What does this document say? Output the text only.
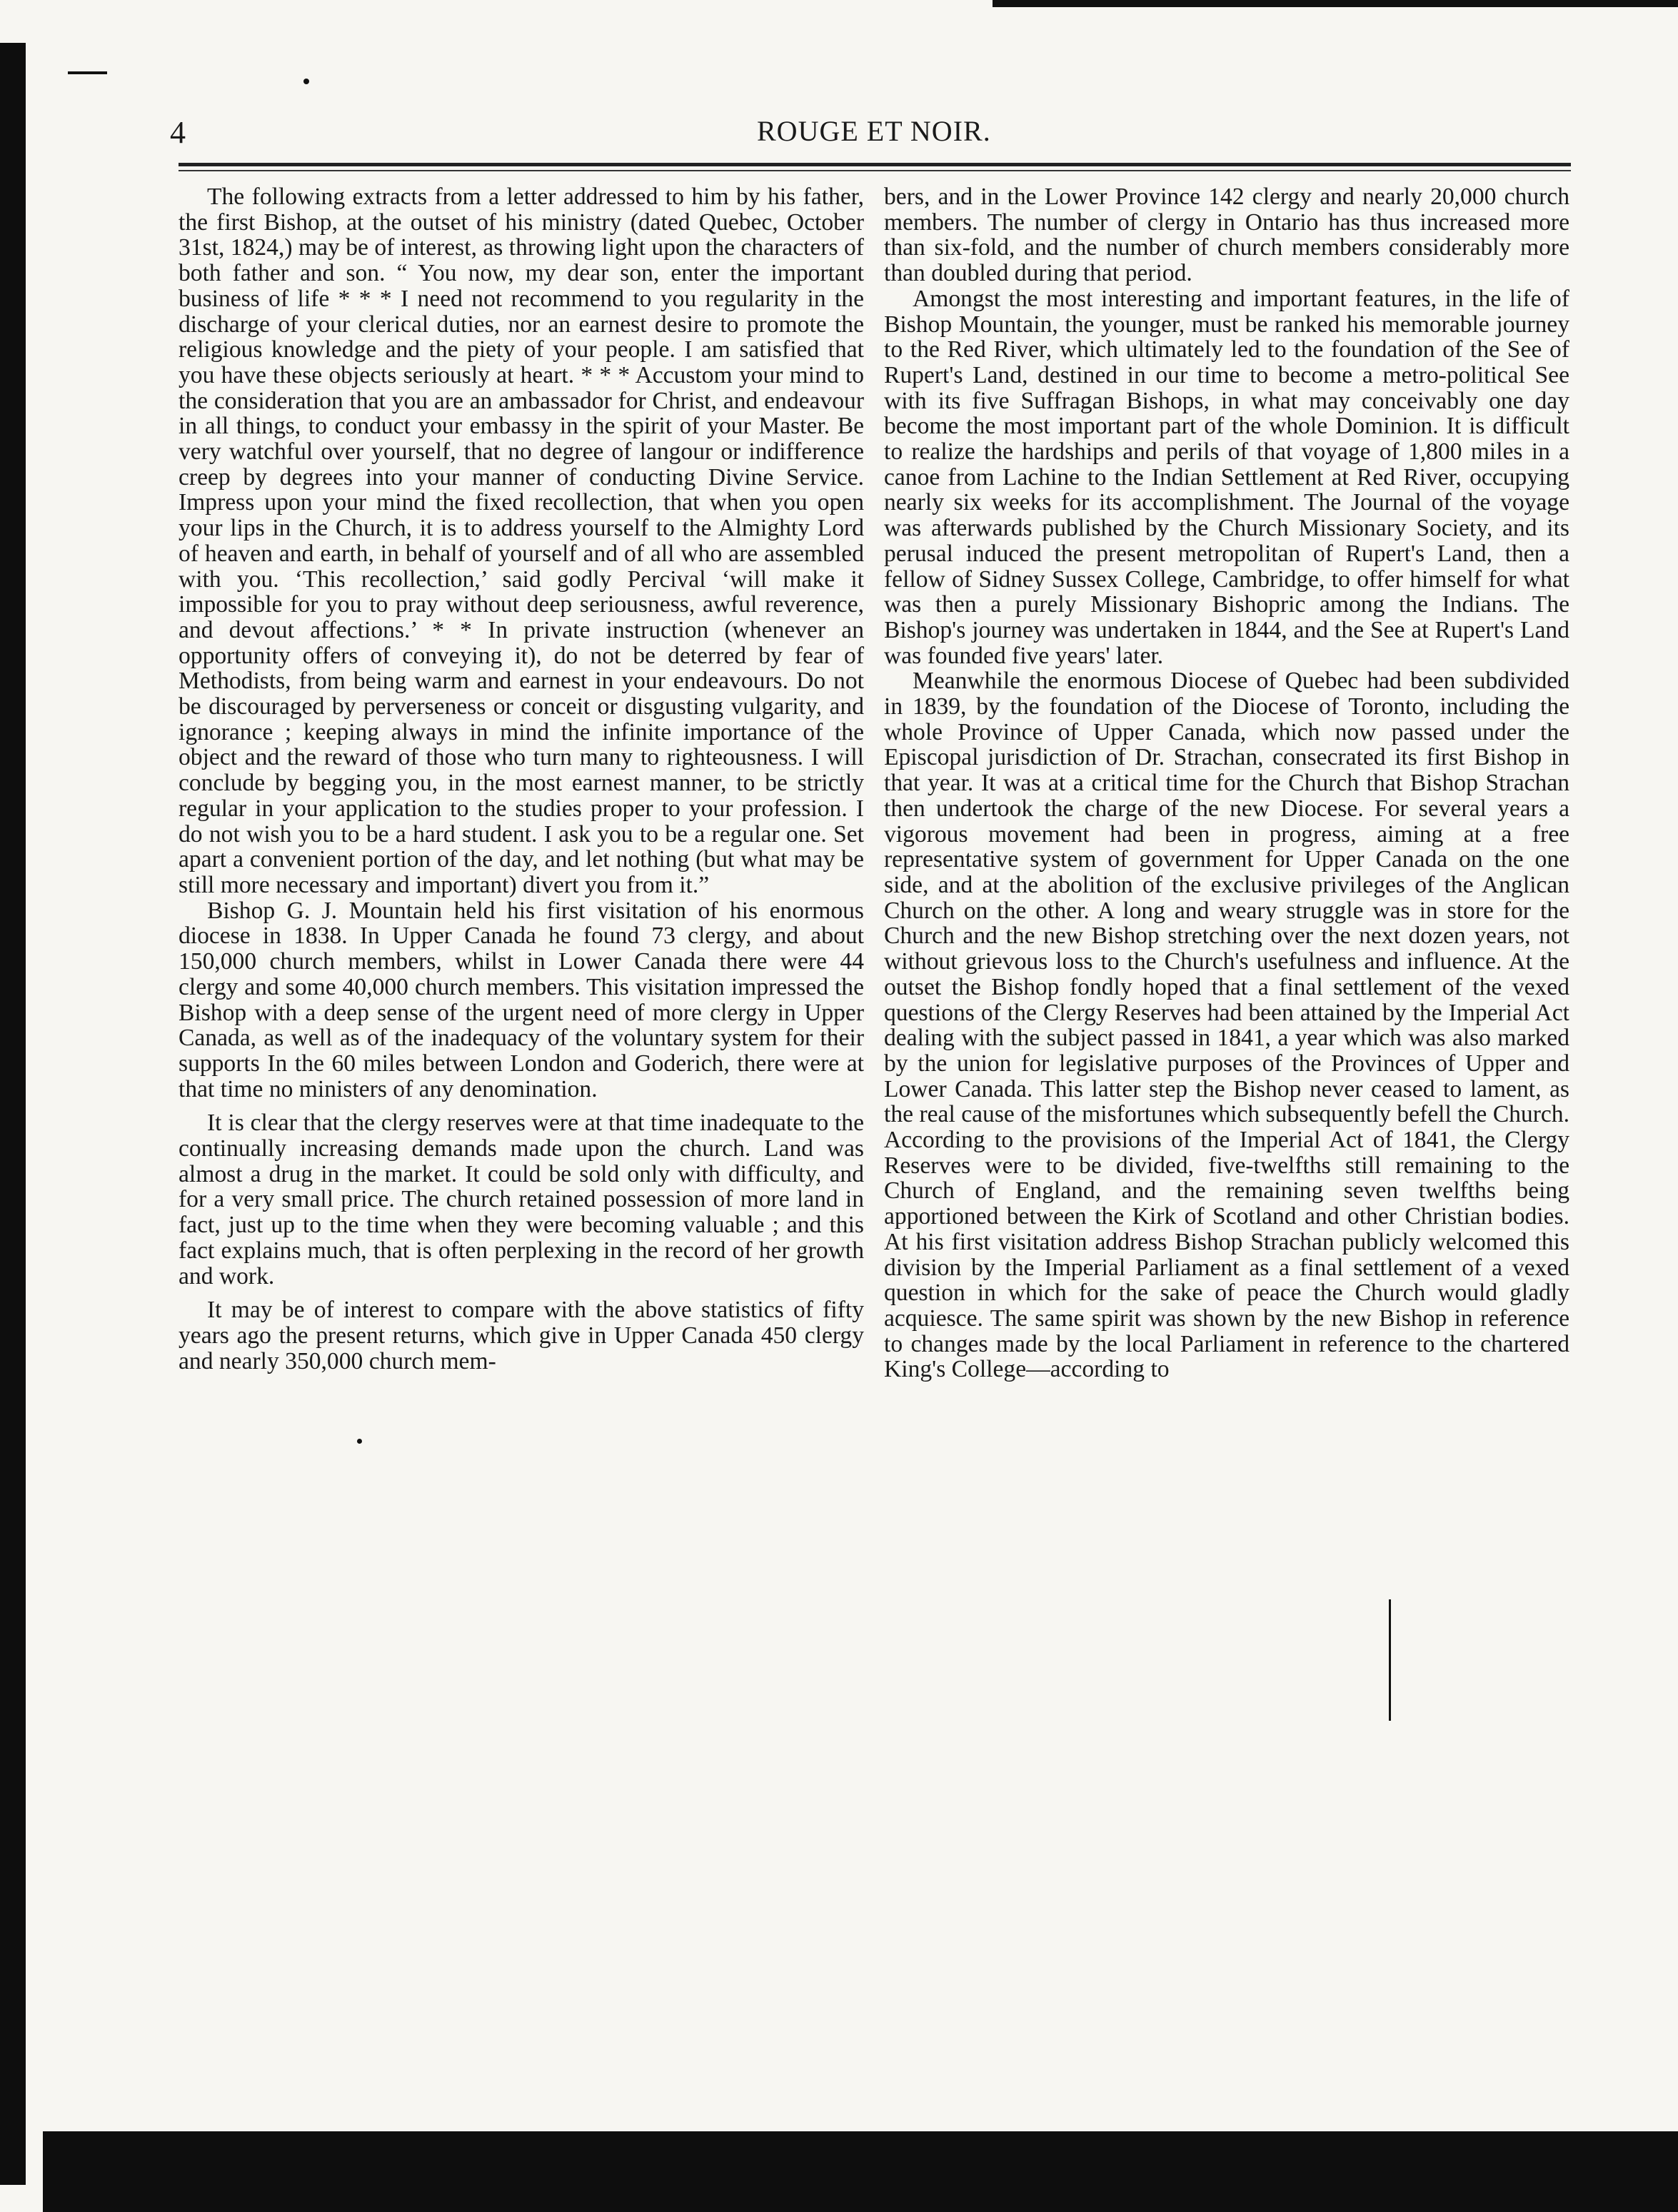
4	ROUGE ET NOIR.

The following extracts from a letter addressed to him by his father, the first Bishop, at the outset of his ministry (dated Quebec, October 31st, 1824,) may be of interest, as throwing light upon the characters of both father and son. “ You now, my dear son, enter the important business of life * * * I need not recommend to you regularity in the discharge of your clerical duties, nor an earnest desire to promote the religious knowledge and the piety of your people. I am satisfied that you have these objects seriously at heart. * * * Accustom your mind to the consideration that you are an ambassador for Christ, and endeavour in all things, to conduct your embassy in the spirit of your Master. Be very watchful over yourself, that no degree of langour or indifference creep by degrees into your manner of conducting Divine Service. Impress upon your mind the fixed recollection, that when you open your lips in the Church, it is to address yourself to the Almighty Lord of heaven and earth, in behalf of yourself and of all who are assembled with you. ‘This recollection,’ said godly Percival ‘will make it impossible for you to pray without deep seriousness, awful reverence, and devout affections.’ * * In private instruction (whenever an opportunity offers of conveying it), do not be deterred by fear of Methodists, from being warm and earnest in your endeavours. Do not be discouraged by perverseness or conceit or disgusting vulgarity, and ignorance ; keeping always in mind the infinite importance of the object and the reward of those who turn many to righteousness. I will conclude by begging you, in the most earnest manner, to be strictly regular in your application to the studies proper to your profession. I do not wish you to be a hard student. I ask you to be a regular one. Set apart a convenient portion of the day, and let nothing (but what may be still more necessary and important) divert you from it.”

Bishop G. J. Mountain held his first visitation of his enormous diocese in 1838. In Upper Canada he found 73 clergy, and about 150,000 church members, whilst in Lower Canada there were 44 clergy and some 40,000 church members. This visitation impressed the Bishop with a deep sense of the urgent need of more clergy in Upper Canada, as well as of the inadequacy of the voluntary system for their supports In the 60 miles between London and Goderich, there were at that time no ministers of any denomination.

It is clear that the clergy reserves were at that time inadequate to the continually increasing demands made upon the church. Land was almost a drug in the market. It could be sold only with difficulty, and for a very small price. The church retained possession of more land in fact, just up to the time when they were becoming valuable ; and this fact explains much, that is often perplexing in the record of her growth and work.

It may be of interest to compare with the above statistics of fifty years ago the present returns, which give in Upper Canada 450 clergy and nearly 350,000 church mem-

bers, and in the Lower Province 142 clergy and nearly 20,000 church members. The number of clergy in Ontario has thus increased more than six-fold, and the number of church members considerably more than doubled during that period.

Amongst the most interesting and important features, in the life of Bishop Mountain, the younger, must be ranked his memorable journey to the Red River, which ultimately led to the foundation of the See of Rupert's Land, destined in our time to become a metro-political See with its five Suffragan Bishops, in what may conceivably one day become the most important part of the whole Dominion. It is difficult to realize the hardships and perils of that voyage of 1,800 miles in a canoe from Lachine to the Indian Settlement at Red River, occupying nearly six weeks for its accomplishment. The Journal of the voyage was afterwards published by the Church Missionary Society, and its perusal induced the present metropolitan of Rupert's Land, then a fellow of Sidney Sussex College, Cambridge, to offer himself for what was then a purely Missionary Bishopric among the Indians. The Bishop's journey was undertaken in 1844, and the See at Rupert's Land was founded five years' later.

Meanwhile the enormous Diocese of Quebec had been subdivided in 1839, by the foundation of the Diocese of Toronto, including the whole Province of Upper Canada, which now passed under the Episcopal jurisdiction of Dr. Strachan, consecrated its first Bishop in that year. It was at a critical time for the Church that Bishop Strachan then undertook the charge of the new Diocese. For several years a vigorous movement had been in progress, aiming at a free representative system of government for Upper Canada on the one side, and at the abolition of the exclusive privileges of the Anglican Church on the other. A long and weary struggle was in store for the Church and the new Bishop stretching over the next dozen years, not without grievous loss to the Church's usefulness and influence. At the outset the Bishop fondly hoped that a final settlement of the vexed questions of the Clergy Reserves had been attained by the Imperial Act dealing with the subject passed in 1841, a year which was also marked by the union for legislative purposes of the Provinces of Upper and Lower Canada. This latter step the Bishop never ceased to lament, as the real cause of the misfortunes which subsequently befell the Church. According to the provisions of the Imperial Act of 1841, the Clergy Reserves were to be divided, five-twelfths still remaining to the Church of England, and the remaining seven twelfths being apportioned between the Kirk of Scotland and other Christian bodies. At his first visitation address Bishop Strachan publicly welcomed this division by the Imperial Parliament as a final settlement of a vexed question in which for the sake of peace the Church would gladly acquiesce. The same spirit was shown by the new Bishop in reference to changes made by the local Parliament in reference to the chartered King's College—according to
